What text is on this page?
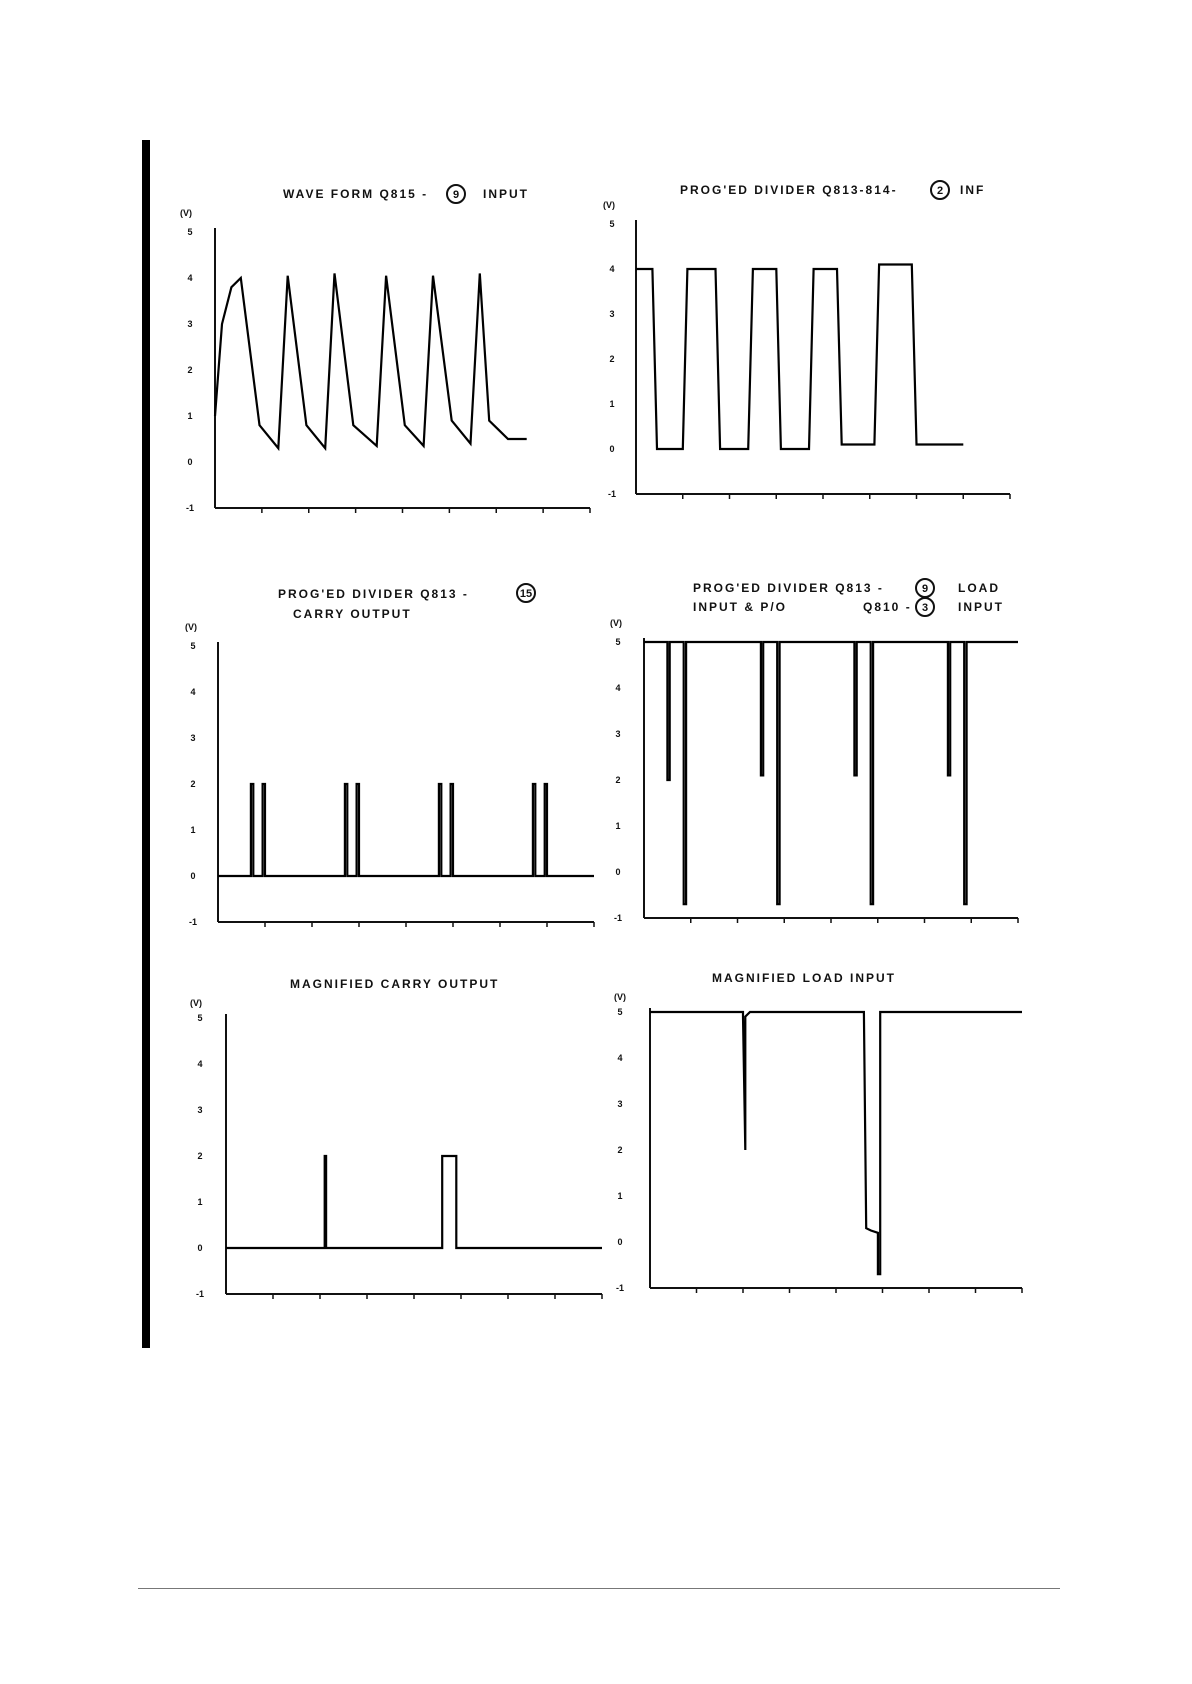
WAVE FORM Q815 - 9 INPUT
(V)
5
4
3
2
1
0
-1
PROG'ED DIVIDER Q813-814-	2 INF
(V)
5
4
3
2
1
0
-1
PROG'ED DIVIDER Q813 -	15
CARRY OUTPUT
(V)
5
4
3
2
1
0
-1
PROG'ED DIVIDER Q813 -	9 LOAD
INPUT & P/O	Q810 - 3 INPUT
(V)
5
4
3
2
1
0
-1
MAGNIFIED CARRY OUTPUT
(V)
5
4
3
2
1
0
-1
MAGNIFIED LOAD INPUT
(V)
5
4
3
2
1
0
-1
